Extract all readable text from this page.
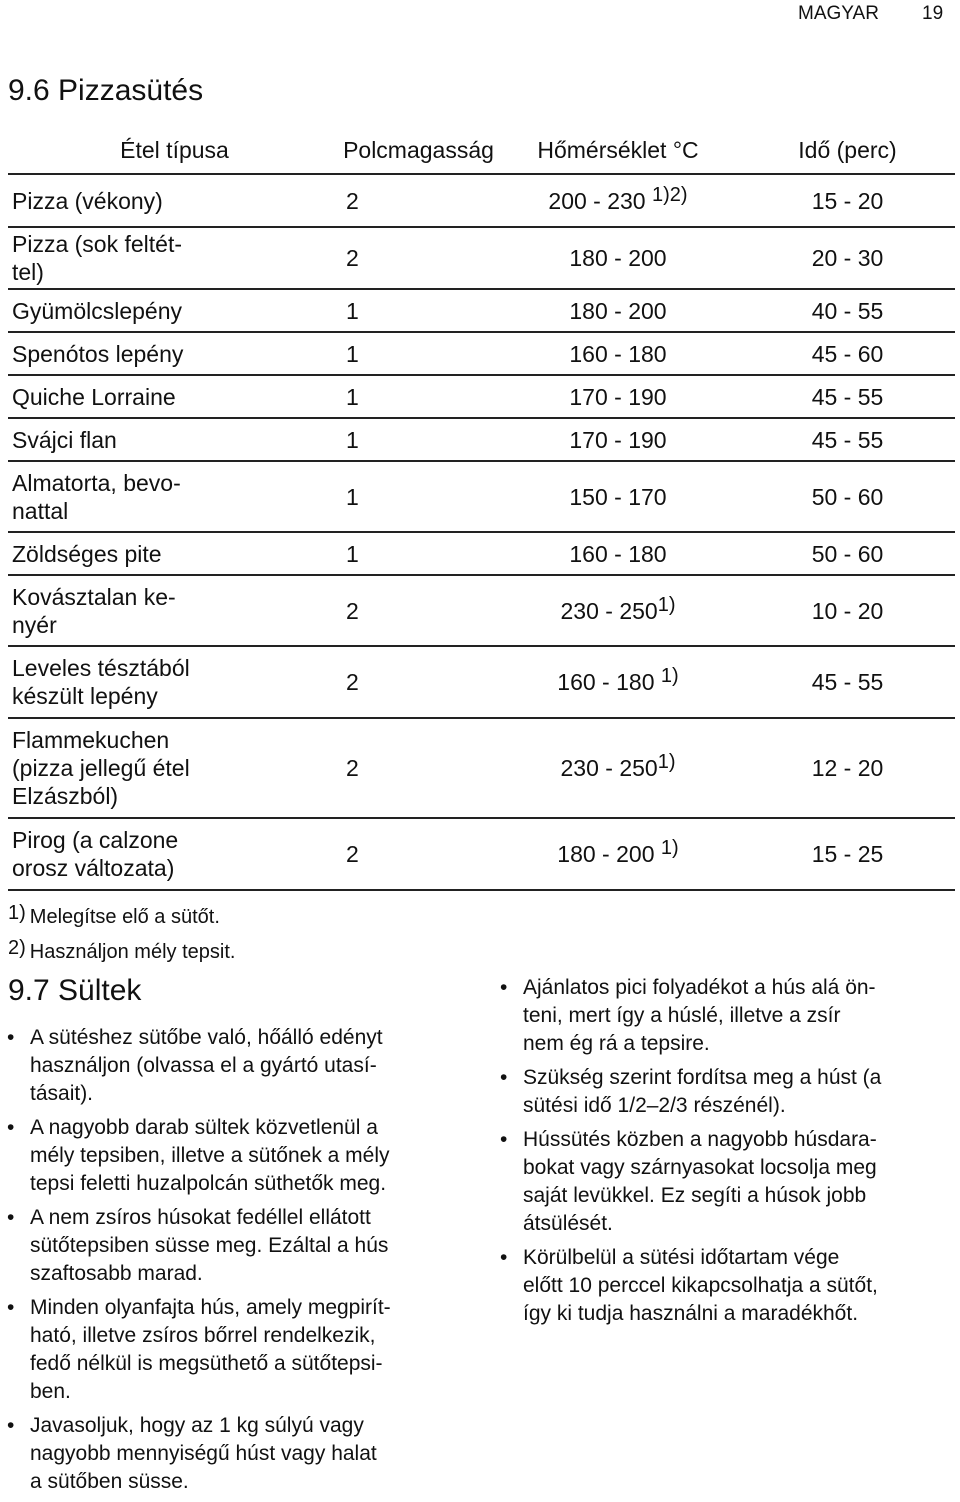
MAGYAR 19
9.6 Pizzasütés
Étel típusa	Polcmagasság	Hőmérséklet °C	Idő (perc)

Pizza (vékony)	2	200 - 230 $^{1)2)}$	15 - 20

Pizza (sok feltét-
tel)	2	180 - 200	20 - 30

Gyümölcslepény	1	180 - 200	40 - 55

Spenótos lepény	1	160 - 180	45 - 60

Quiche Lorraine	1	170 - 190	45 - 55

Svájci flan	1	170 - 190	45 - 55

Almatorta, bevo-
nattal	1	150 - 170	50 - 60

Zöldséges pite	1	160 - 180	50 - 60

Kovásztalan ke-
nyér	2	230 - 250$^{1)}$	10 - 20

Leveles tésztából
készült lepény	2	160 - 180 $^{1)}$	45 - 55

Flammekuchen
(pizza jellegű étel
Elzászból)	2	230 - 250$^{1)}$	12 - 20

Pirog (a calzone
orosz változata)	2	180 - 200 $^{1)}$	15 - 25
1) Melegítse elő a sütőt.
2) Használjon mély tepsit.
9.7 Sültek
• A sütéshez sütőbe való, hőálló edényt
használjon (olvassa el a gyártó utasí-
tásait).
• A nagyobb darab sültek közvetlenül a
mély tepsiben, illetve a sütőnek a mély
tepsi feletti huzalpolcán süthetők meg.
• A nem zsíros húsokat fedéllel ellátott
sütőtepsiben süsse meg. Ezáltal a hús
szaftosabb marad.
• Minden olyanfajta hús, amely megpirít-
ható, illetve zsíros bőrrel rendelkezik,
fedő nélkül is megsüthető a sütőtepsi-
ben.
• Javasoljuk, hogy az 1 kg súlyú vagy
nagyobb mennyiségű húst vagy halat
a sütőben süsse.
• Ajánlatos pici folyadékot a hús alá ön-
teni, mert így a húslé, illetve a zsír
nem ég rá a tepsire.
• Szükség szerint fordítsa meg a húst (a
sütési idő 1/2–2/3 részénél).
• Hússütés közben a nagyobb húsdara-
bokat vagy szárnyasokat locsolja meg
saját levükkel. Ez segíti a húsok jobb
átsülését.
• Körülbelül a sütési időtartam vége
előtt 10 perccel kikapcsolhatja a sütőt,
így ki tudja használni a maradékhőt.
